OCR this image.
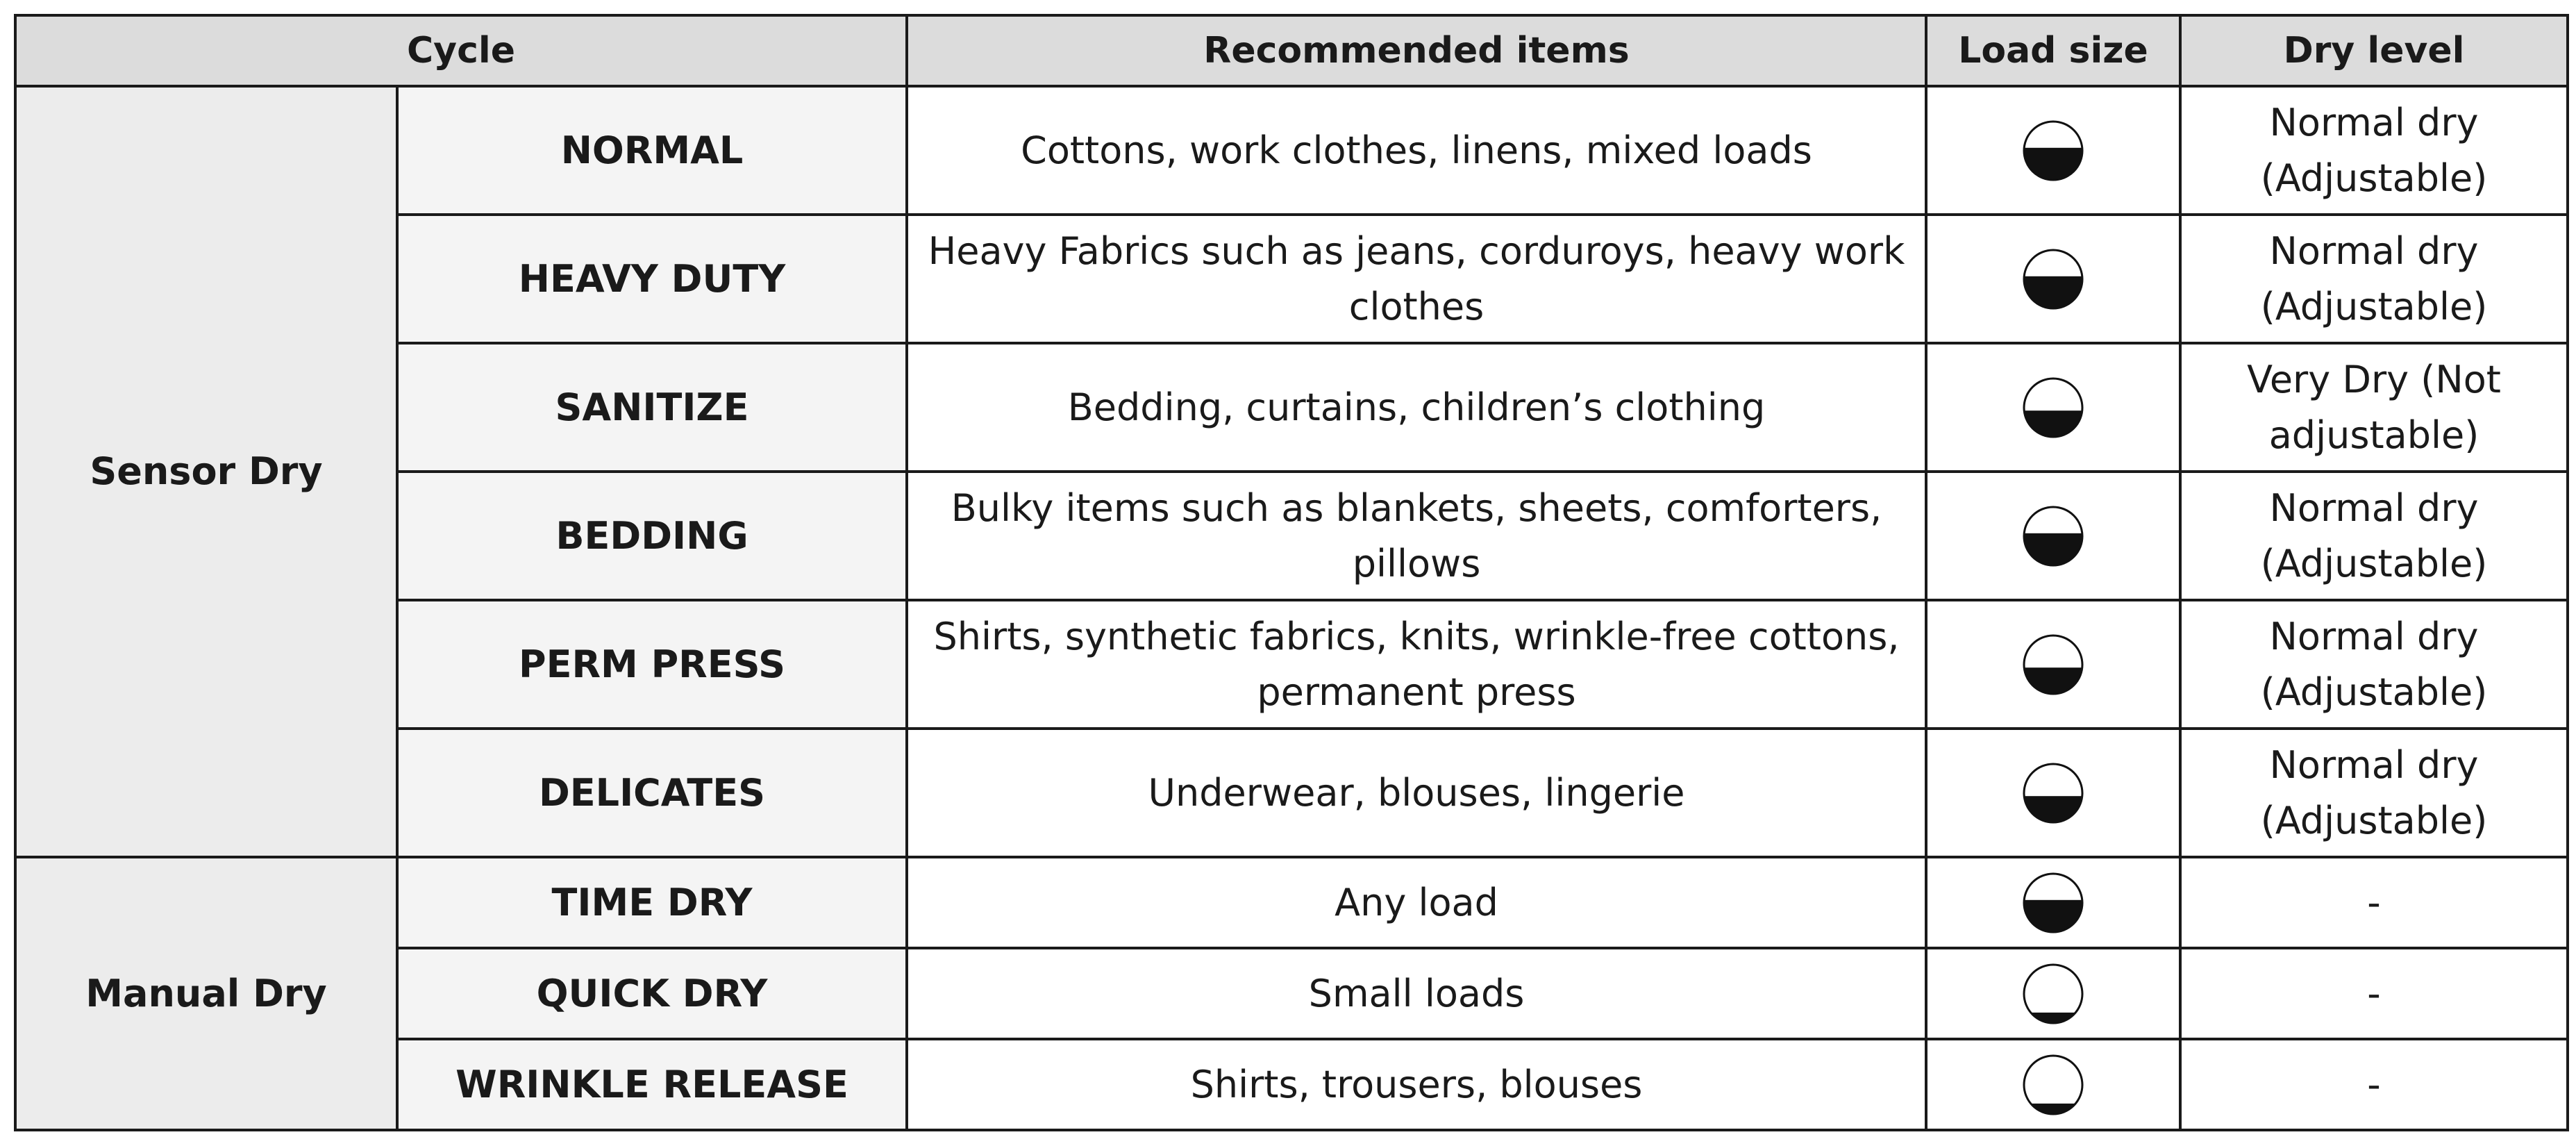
Cycle		Recommended items	Load size	Dry level
Sensor Dry	NORMAL	Cottons, work clothes, linens, mixed loads		Normal dry (Adjustable)
	HEAVY DUTY	Heavy Fabrics such as jeans, corduroys, heavy work clothes		Normal dry (Adjustable)
	SANITIZE	Bedding, curtains, children’s clothing		Very Dry (Not adjustable)
	BEDDING	Bulky items such as blankets, sheets, comforters, pillows		Normal dry (Adjustable)
	PERM PRESS	Shirts, synthetic fabrics, knits, wrinkle-free cottons, permanent press		Normal dry (Adjustable)
	DELICATES	Underwear, blouses, lingerie		Normal dry (Adjustable)
Manual Dry	TIME DRY	Any load		-
	QUICK DRY	Small loads		-
	WRINKLE RELEASE	Shirts, trousers, blouses		-
